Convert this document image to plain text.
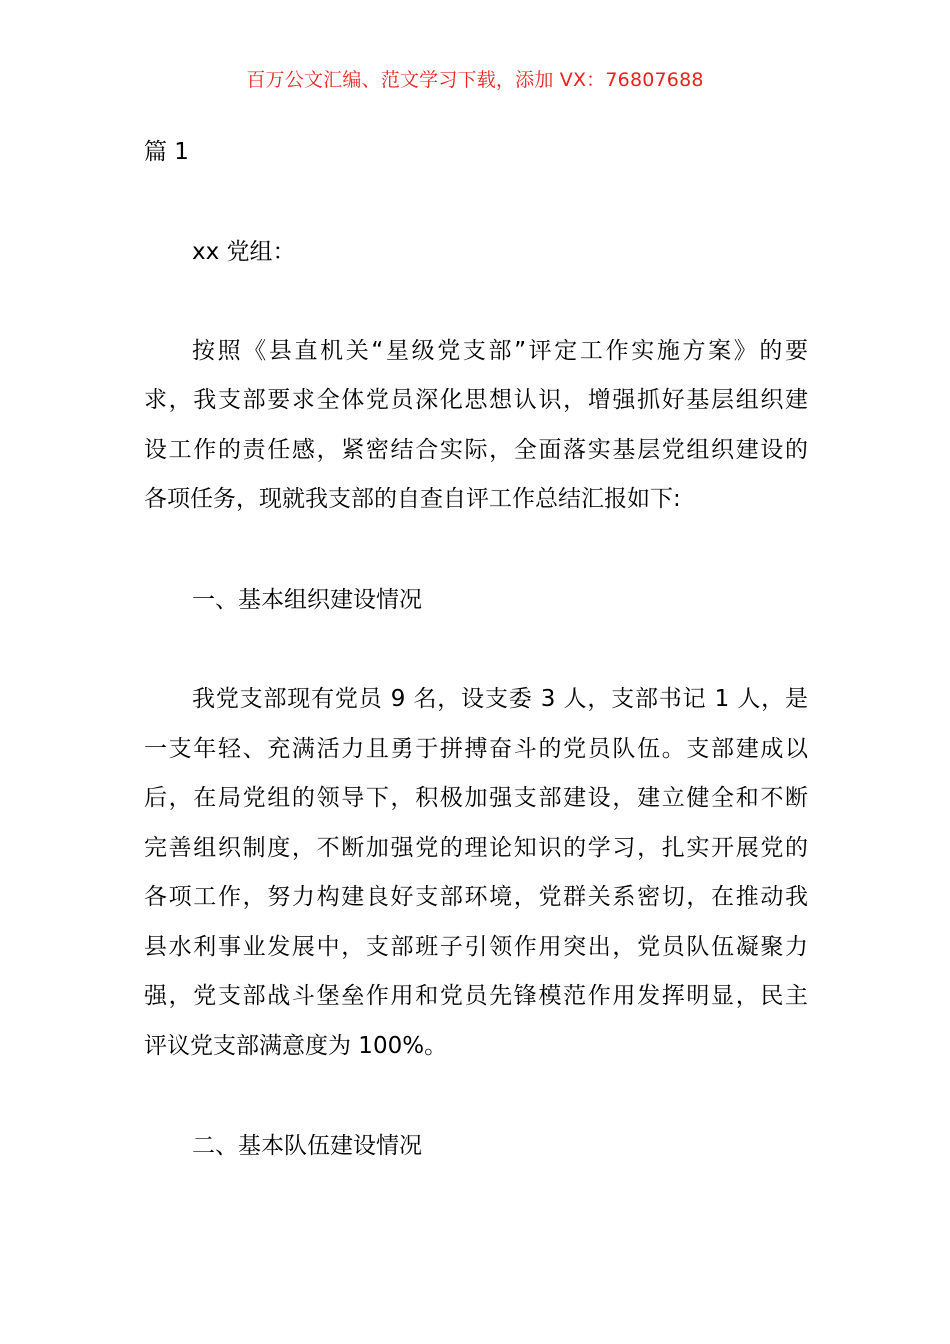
百万公文汇编、范文学习下载，添加 VX：76807688
篇 1
xx 党组：
按照《县直机关“星级党支部”评定工作实施方案》的要
求，我支部要求全体党员深化思想认识，增强抓好基层组织建
设工作的责任感，紧密结合实际，全面落实基层党组织建设的
各项任务，现就我支部的自查自评工作总结汇报如下:
一、基本组织建设情况
我党支部现有党员 9 名，设支委 3 人，支部书记 1 人，是
一支年轻、充满活力且勇于拼搏奋斗的党员队伍。支部建成以
后，在局党组的领导下，积极加强支部建设，建立健全和不断
完善组织制度，不断加强党的理论知识的学习，扎实开展党的
各项工作，努力构建良好支部环境，党群关系密切，在推动我
县水利事业发展中，支部班子引领作用突出，党员队伍凝聚力
强，党支部战斗堡垒作用和党员先锋模范作用发挥明显，民主
评议党支部满意度为 100%。
二、基本队伍建设情况
